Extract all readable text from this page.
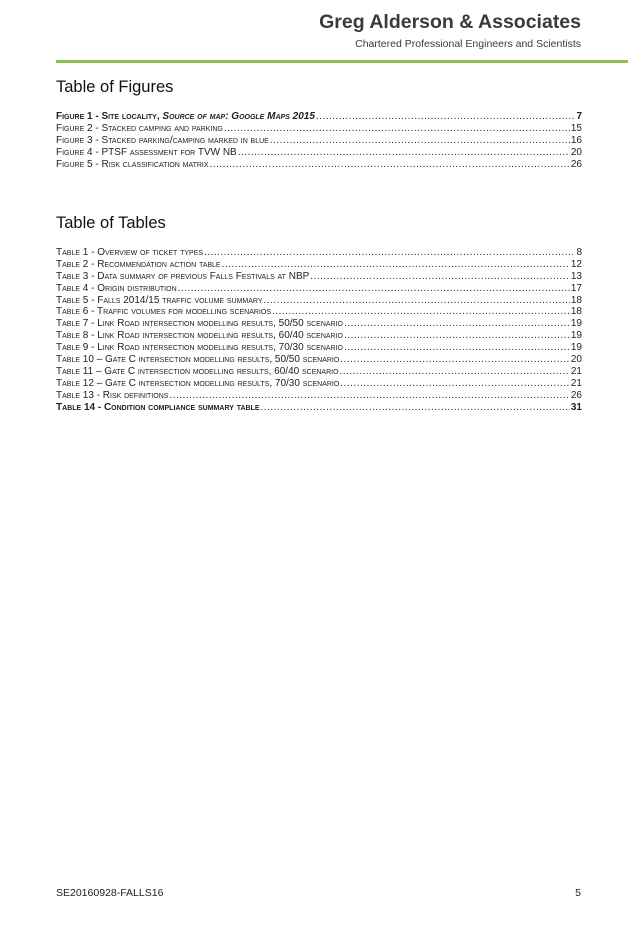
Greg Alderson & Associates
Chartered Professional Engineers and Scientists
Table of Figures
Figure 1 - Site locality, Source of map: Google Maps 2015 .....	7
Figure 2 - Stacked camping and parking .....	15
Figure 3 - Stacked parking/camping marked in blue .....	16
Figure 4 - PTSF assessment for TVW NB .....	20
Figure 5 - Risk classification matrix .....	26
Table of Tables
Table 1 - Overview of ticket types .....	8
Table 2 - Recommendation action table .....	12
Table 3 - Data summary of previous Falls Festivals at NBP .....	13
Table 4 - Origin distribution .....	17
Table 5 - Falls 2014/15 traffic volume summary .....	18
Table 6 - Traffic volumes for modelling scenarios .....	18
Table 7 - Link Road intersection modelling results, 50/50 scenario .....	19
Table 8 - Link Road intersection modelling results, 60/40 scenario .....	19
Table 9 - Link Road intersection modelling results, 70/30 scenario .....	19
Table 10 – Gate C intersection modelling results, 50/50 scenario .....	20
Table 11 – Gate C intersection modelling results, 60/40 scenario .....	21
Table 12 – Gate C intersection modelling results, 70/30 scenario .....	21
Table 13 - Risk definitions .....	26
Table 14 - Condition compliance summary table .....	31
SE20160928-FALLS16	5
